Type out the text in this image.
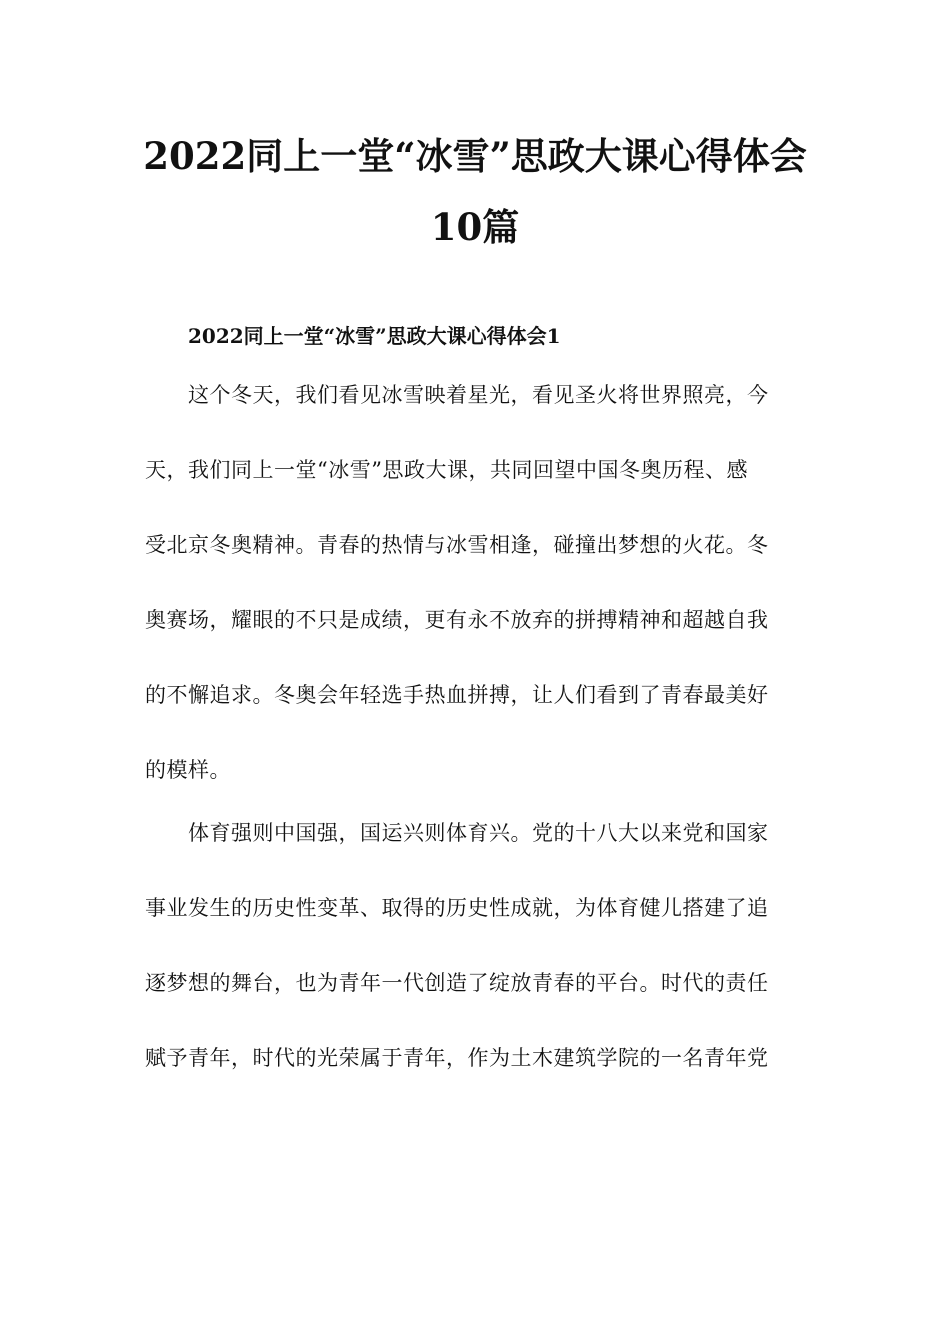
2022同上一堂“冰雪”思政大课心得体会
10篇
2022同上一堂“冰雪”思政大课心得体会1
这个冬天，我们看见冰雪映着星光，看见圣火将世界照亮，今
天，我们同上一堂“冰雪”思政大课，共同回望中国冬奥历程、感
受北京冬奥精神。青春的热情与冰雪相逢，碰撞出梦想的火花。冬
奥赛场，耀眼的不只是成绩，更有永不放弃的拼搏精神和超越自我
的不懈追求。冬奥会年轻选手热血拼搏，让人们看到了青春最美好
的模样。
体育强则中国强，国运兴则体育兴。党的十八大以来党和国家
事业发生的历史性变革、取得的历史性成就，为体育健儿搭建了追
逐梦想的舞台，也为青年一代创造了绽放青春的平台。时代的责任
赋予青年，时代的光荣属于青年，作为土木建筑学院的一名青年党
